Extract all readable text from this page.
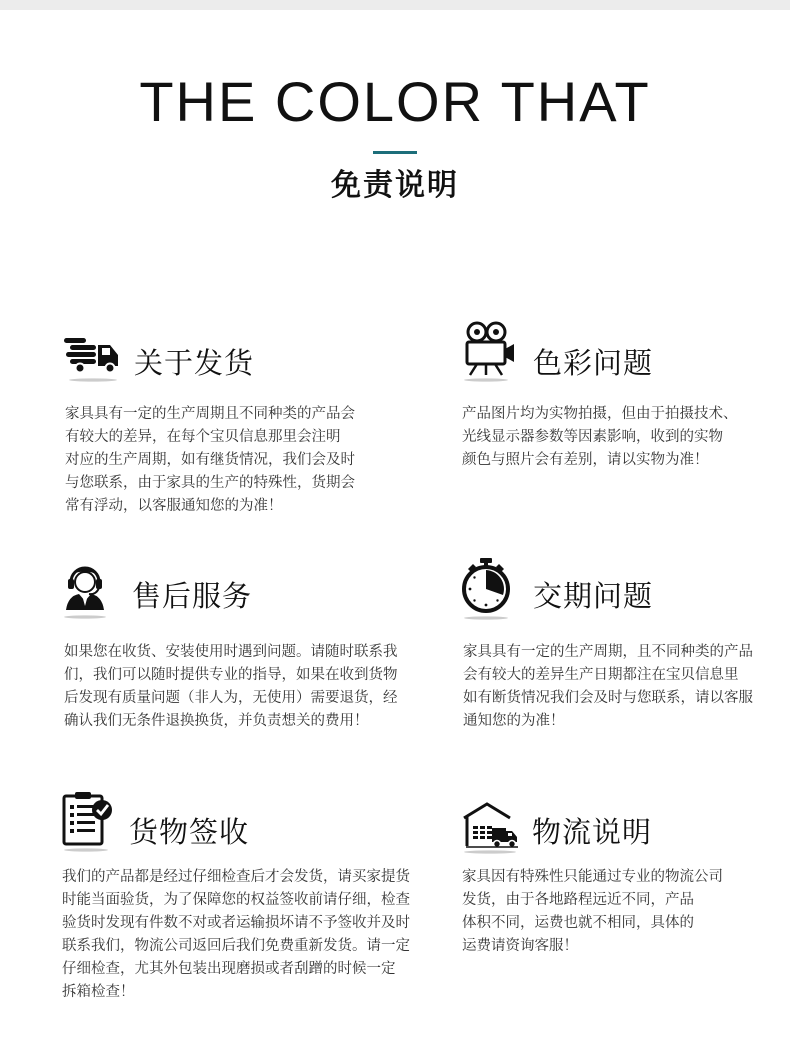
THE COLOR THAT
免责说明
关于发货
家具具有一定的生产周期且不同种类的产品会
有较大的差异，在每个宝贝信息那里会注明
对应的生产周期，如有继货情况，我们会及时
与您联系，由于家具的生产的特殊性，货期会
常有浮动，以客服通知您的为准！
色彩问题
产品图片均为实物拍摄，但由于拍摄技术、
光线显示器参数等因素影响，收到的实物
颜色与照片会有差别，请以实物为准！
售后服务
如果您在收货、安装使用时遇到问题。请随时联系我
们，我们可以随时提供专业的指导，如果在收到货物
后发现有质量问题（非人为，无使用）需要退货，经
确认我们无条件退换换货，并负责想关的费用！
交期问题
家具具有一定的生产周期，且不同种类的产品
会有较大的差异生产日期都注在宝贝信息里
如有断货情况我们会及时与您联系，请以客服
通知您的为准！
货物签收
我们的产品都是经过仔细检查后才会发货，请买家提货
时能当面验货，为了保障您的权益签收前请仔细，检查
验货时发现有件数不对或者运输损坏请不予签收并及时
联系我们，物流公司返回后我们免费重新发货。请一定
仔细检查，尤其外包装出现磨损或者刮蹭的时候一定
拆箱检查！
物流说明
家具因有特殊性只能通过专业的物流公司
发货，由于各地路程远近不同，产品
体积不同，运费也就不相同，具体的
运费请资询客服！
